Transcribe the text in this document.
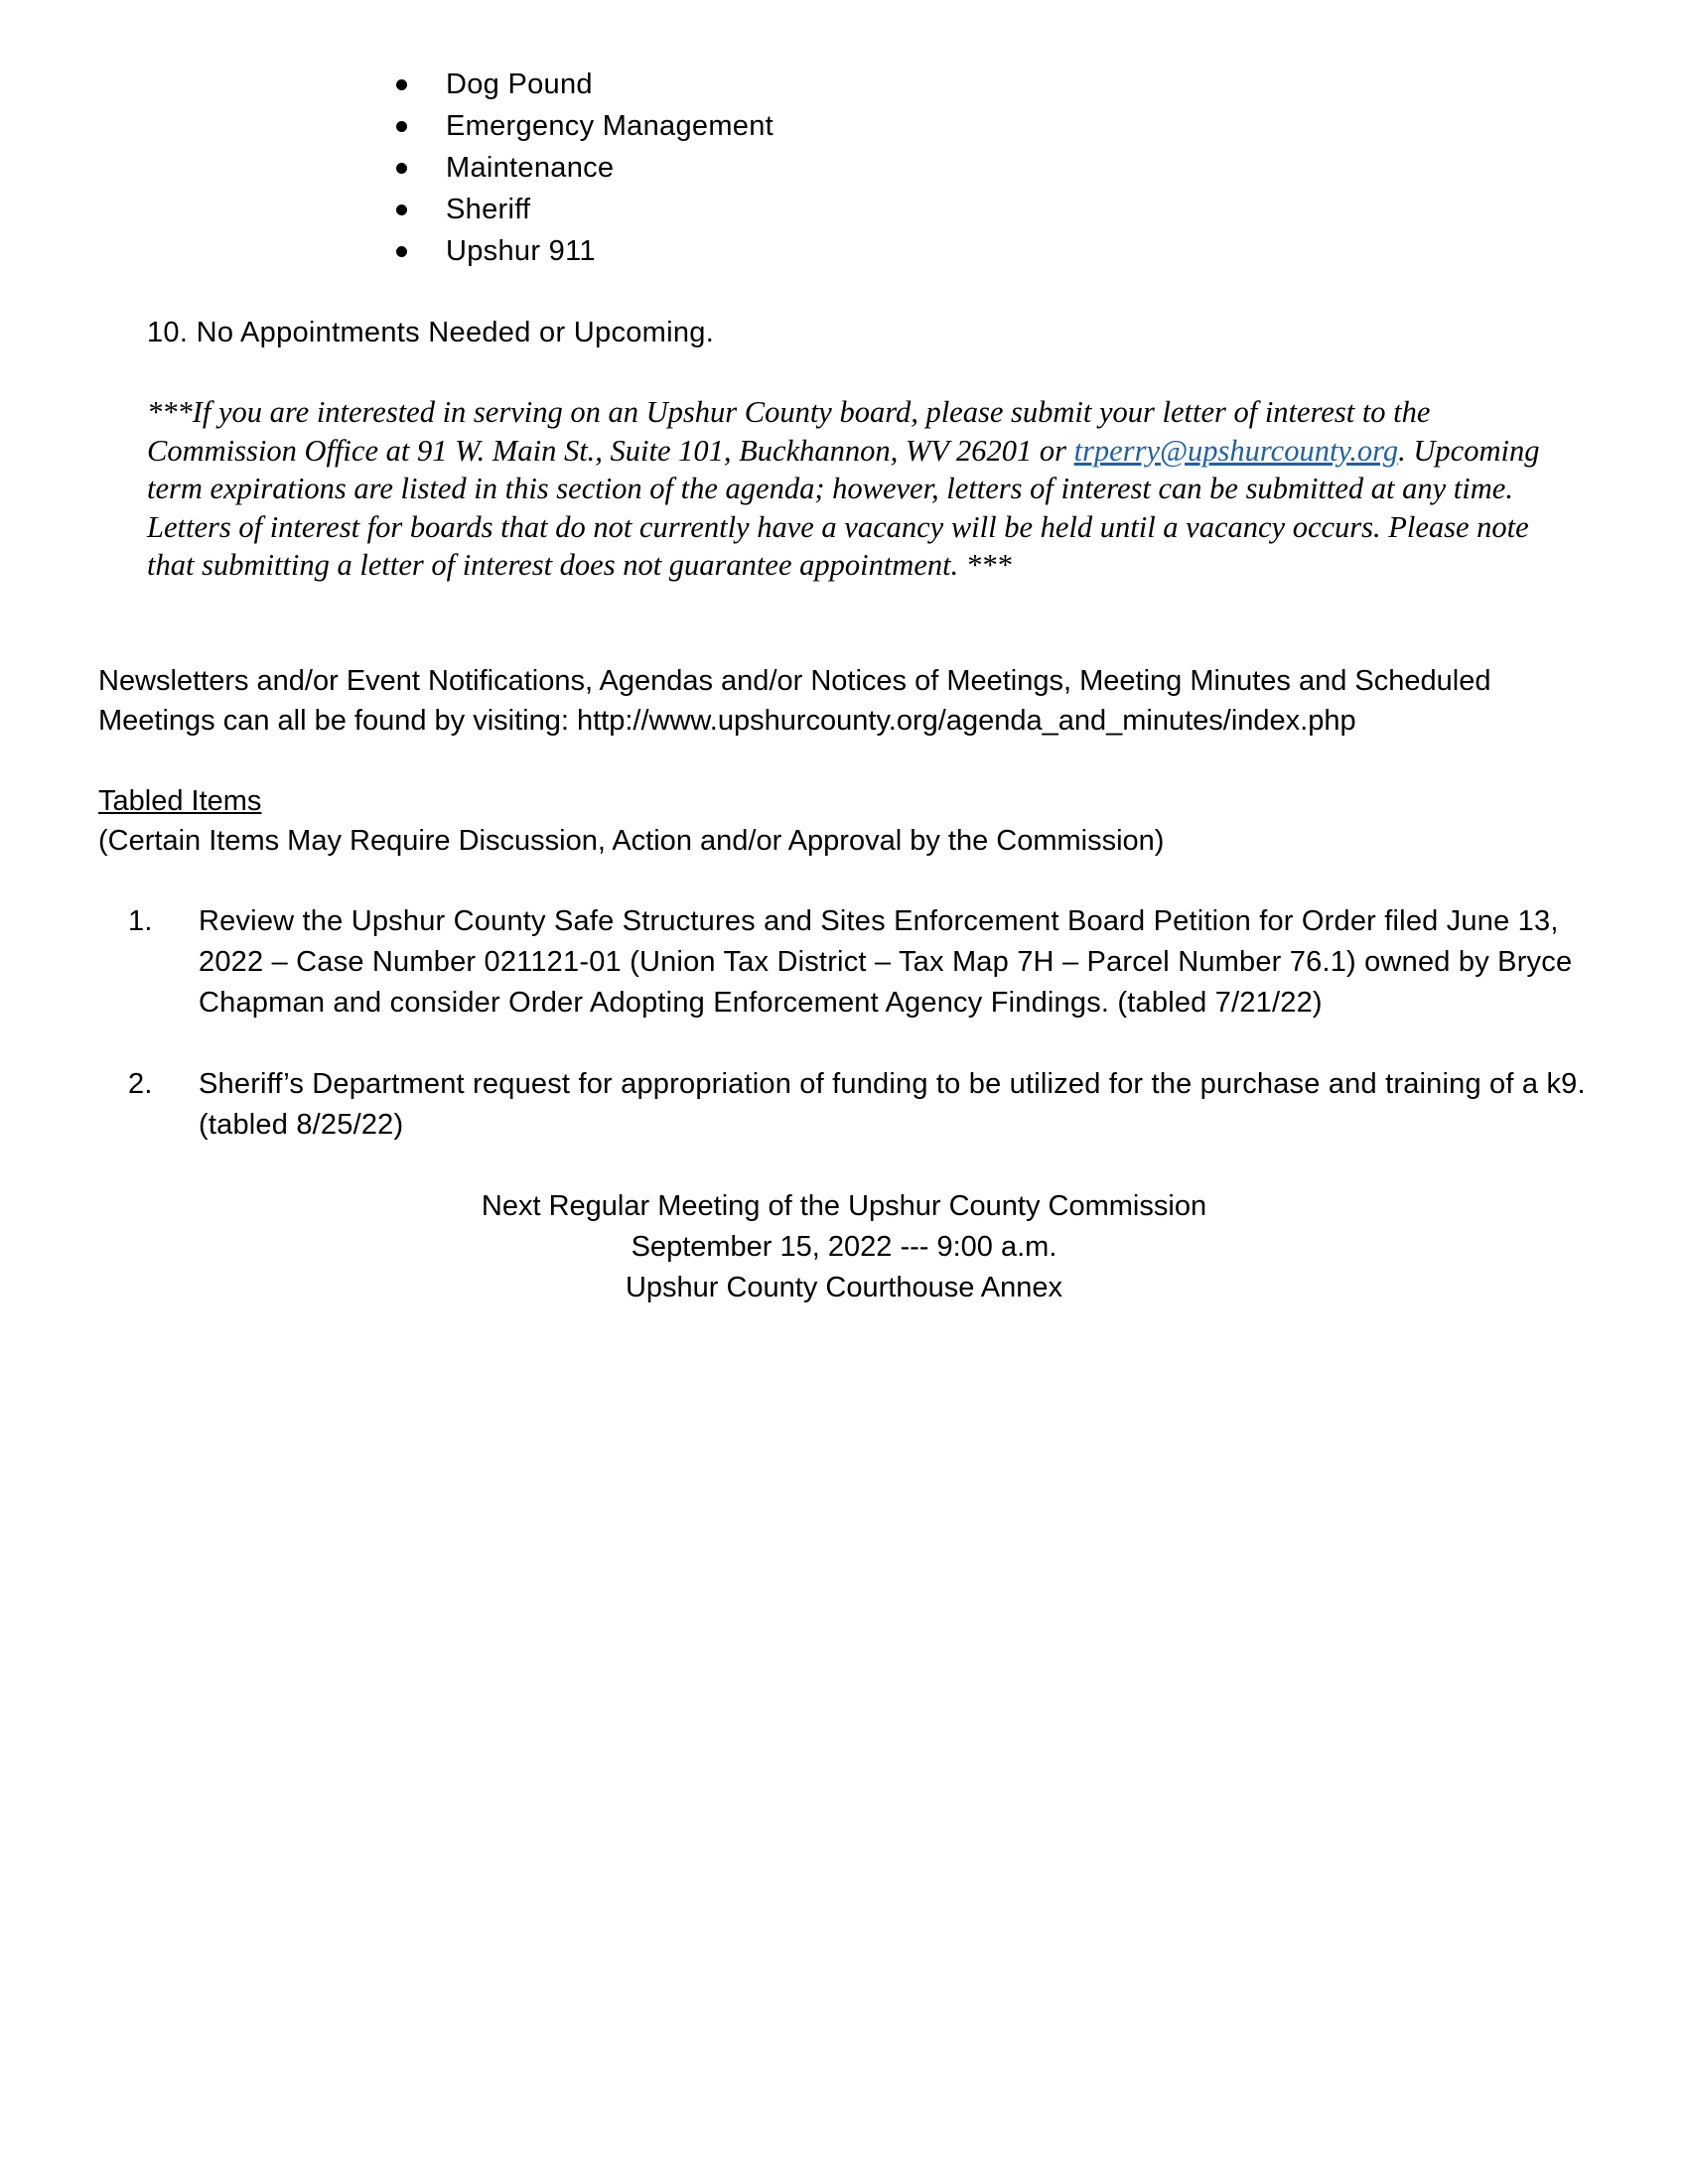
Dog Pound
Emergency Management
Maintenance
Sheriff
Upshur 911
10. No Appointments Needed or Upcoming.

***If you are interested in serving on an Upshur County board, please submit your letter of interest to the Commission Office at 91 W. Main St., Suite 101, Buckhannon, WV 26201 or trperry@upshurcounty.org. Upcoming term expirations are listed in this section of the agenda; however, letters of interest can be submitted at any time. Letters of interest for boards that do not currently have a vacancy will be held until a vacancy occurs. Please note that submitting a letter of interest does not guarantee appointment. ***

Newsletters and/or Event Notifications, Agendas and/or Notices of Meetings, Meeting Minutes and Scheduled Meetings can all be found by visiting: http://www.upshurcounty.org/agenda_and_minutes/index.php
Tabled Items
(Certain Items May Require Discussion, Action and/or Approval by the Commission)
1. Review the Upshur County Safe Structures and Sites Enforcement Board Petition for Order filed June 13, 2022 – Case Number 021121-01 (Union Tax District – Tax Map 7H – Parcel Number 76.1) owned by Bryce Chapman and consider Order Adopting Enforcement Agency Findings. (tabled 7/21/22)
2. Sheriff’s Department request for appropriation of funding to be utilized for the purchase and training of a k9. (tabled 8/25/22)
Next Regular Meeting of the Upshur County Commission
September 15, 2022 --- 9:00 a.m.
Upshur County Courthouse Annex
